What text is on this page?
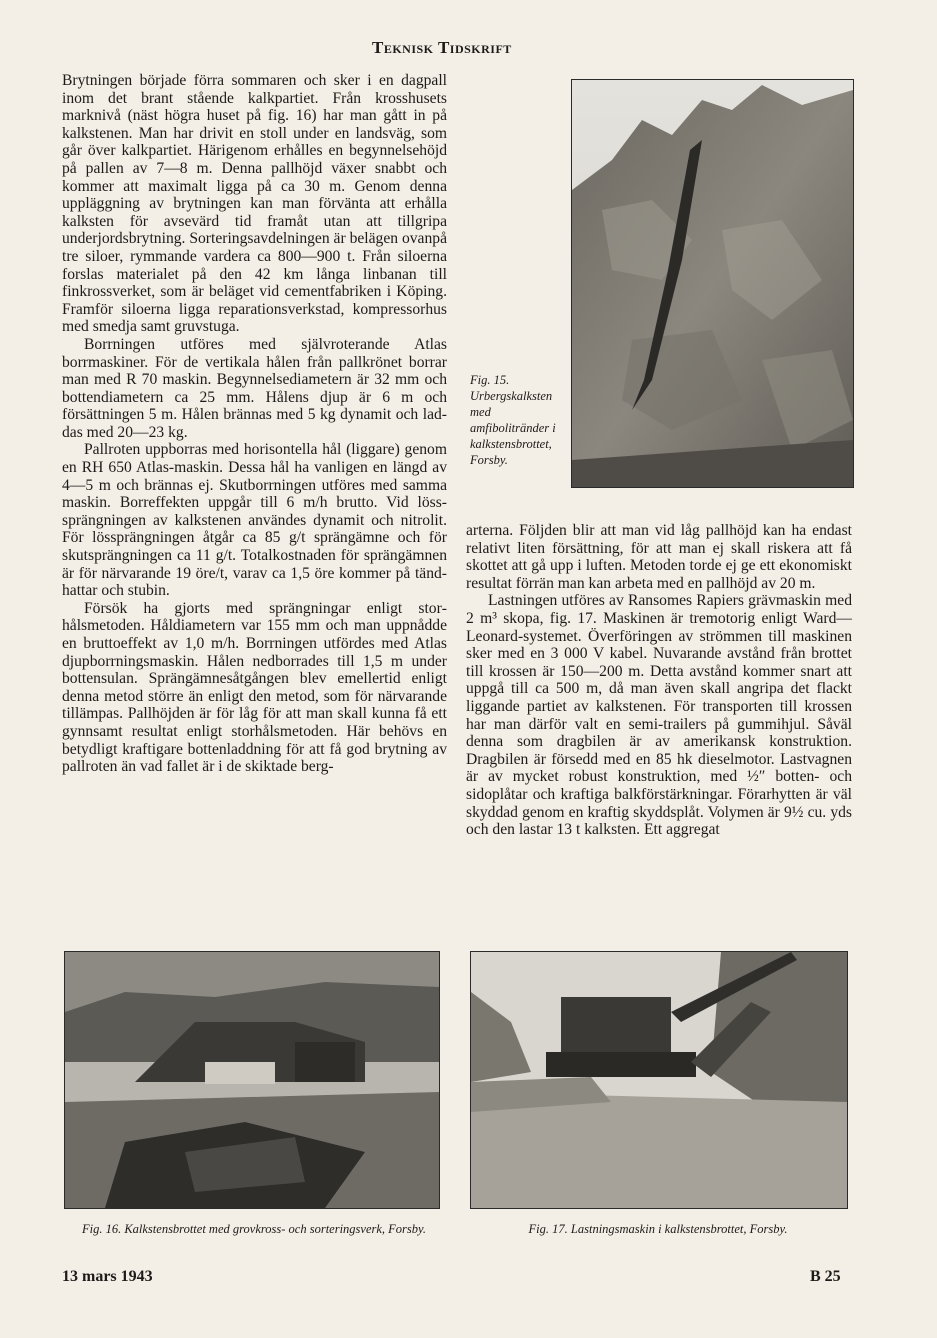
Teknisk Tidskrift

Brytningen började förra sommaren och sker i en dagpall inom det brant stående kalkpartiet. Från krosshusets marknivå (näst högra huset på fig. 16) har man gått in på kalkstenen. Man har drivit en stoll under en landsväg, som går över kalkpartiet. Härigenom erhålles en begynnelsehöjd på pallen av 7—8 m. Denna pallhöjd växer snabbt och kommer att maximalt ligga på ca 30 m. Genom denna uppläggning av brytningen kan man förvänta att erhålla kalksten för avsevärd tid framåt utan att tillgripa underjordsbrytning. Sorteringsavdelningen är belägen ovanpå tre siloer, rymmande vardera ca 800—900 t. Från siloerna forslas materialet på den 42 km långa linbanan till finkrossverket, som är beläget vid cementfabriken i Köping. Framför siloerna ligga reparationsverkstad, kompressorhus med smedja samt gruvstuga.

Borrningen utföres med självroterande Atlas borrmaskiner. För de vertikala hålen från pallkrönet borrar man med R 70 maskin. Begynnelsediametern är 32 mm och bottendiametern ca 25 mm. Hålens djup är 6 m och försättningen 5 m. Hålen brännas med 5 kg dynamit och laddas med 20—23 kg.

Pallroten uppborras med horisontella hål (liggare) genom en RH 650 Atlas-maskin. Dessa hål ha vanligen en längd av 4—5 m och brännas ej. Skutborrningen utföres med samma maskin. Borreffekten uppgår till 6 m/h brutto. Vid lösssprängningen av kalkstenen användes dynamit och nitrolit. För lössprängningen åtgår ca 85 g/t sprängämne och för skutsprängningen ca 11 g/t. Totalkostnaden för sprängämnen är för närvarande 19 öre/t, varav ca 1,5 öre kommer på tändhattar och stubin.

Försök ha gjorts med sprängningar enligt storhålsmetoden. Håldiametern var 155 mm och man uppnådde en bruttoeffekt av 1,0 m/h. Borrningen utfördes med Atlas djupborrningsmaskin. Hålen nedborrades till 1,5 m under bottensulan. Sprängämnesåtgången blev emellertid enligt denna metod större än enligt den metod, som för närvarande tillämpas. Pallhöjden är för låg för att man skall kunna få ett gynnsamt resultat enligt storhålsmetoden. Här behövs en betydligt kraftigare bottenladdning för att få god brytning av pallroten än vad fallet är i de skiktade berg-

Fig. 15. Urbergskalksten med amfibolitränder i kalkstensbrottet, Forsby.

arterna. Följden blir att man vid låg pallhöjd kan ha endast relativt liten försättning, för att man ej skall riskera att få skottet att gå upp i luften. Metoden torde ej ge ett ekonomiskt resultat förrän man kan arbeta med en pallhöjd av 20 m.

Lastningen utföres av Ransomes Rapiers grävmaskin med 2 m³ skopa, fig. 17. Maskinen är tremotorig enligt Ward—Leonard-systemet. Överföringen av strömmen till maskinen sker med en 3 000 V kabel. Nuvarande avstånd från brottet till krossen är 150—200 m. Detta avstånd kommer snart att uppgå till ca 500 m, då man även skall angripa det flackt liggande partiet av kalkstenen. För transporten till krossen har man därför valt en semi-trailers på gummihjul. Såväl denna som dragbilen är av amerikansk konstruktion. Dragbilen är försedd med en 85 hk dieselmotor. Lastvagnen är av mycket robust konstruktion, med ½″ botten- och sidoplåtar och kraftiga balkförstärkningar. Förarhytten är väl skyddad genom en kraftig skyddsplåt. Volymen är 9½ cu. yds och den lastar 13 t kalksten. Ett aggregat

Fig. 16. Kalkstensbrottet med grovkross- och sorteringsverk, Forsby.	Fig. 17. Lastningsmaskin i kalkstensbrottet, Forsby.
13 mars 1943	B 25
